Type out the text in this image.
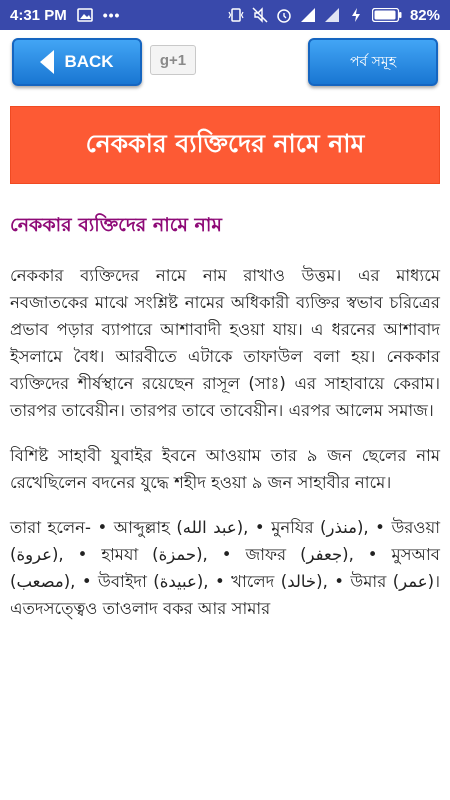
4:31 PM	•••	82%
BACK	g+1	পর্ব সমূহ
নেককার ব্যক্তিদের নামে নাম
নেককার ব্যক্তিদের নামে নাম

নেককার ব্যক্তিদের নামে নাম রাখাও উত্তম। এর মাধ্যমে নবজাতকের মাঝে সংশ্লিষ্ট নামের অধিকারী ব্যক্তির স্বভাব চরিত্রের প্রভাব পড়ার ব্যাপারে আশাবাদী হওয়া যায়। এ ধরনের আশাবাদ ইসলামে বৈধ। আরবীতে এটাকে তাফাউল বলা হয়। নেককার ব্যক্তিদের শীর্ষস্থানে রয়েছেন রাসূল (সাঃ) এর সাহাবায়ে কেরাম। তারপর তাবেয়ীন। তারপর তাবে তাবেয়ীন। এরপর আলেম সমাজ।

বিশিষ্ট সাহাবী যুবাইর ইবনে আওয়াম তার ৯ জন ছেলের নাম রেখেছিলেন বদনের যুদ্ধে শহীদ হওয়া ৯ জন সাহাবীর নামে।

তারা হলেন- • আব্দুল্লাহ (عبد الله), • মুনযির (منذر), • উরওয়া (عروة), • হামযা (حمزة), • জাফর (جعفر), • মুসআব (مصعب), • উবাইদা (عبيدة), • খালেদ (خالد), • উমার (عمر)। এতদসত্ত্বেও তাওলাদ বকর আর সামার
